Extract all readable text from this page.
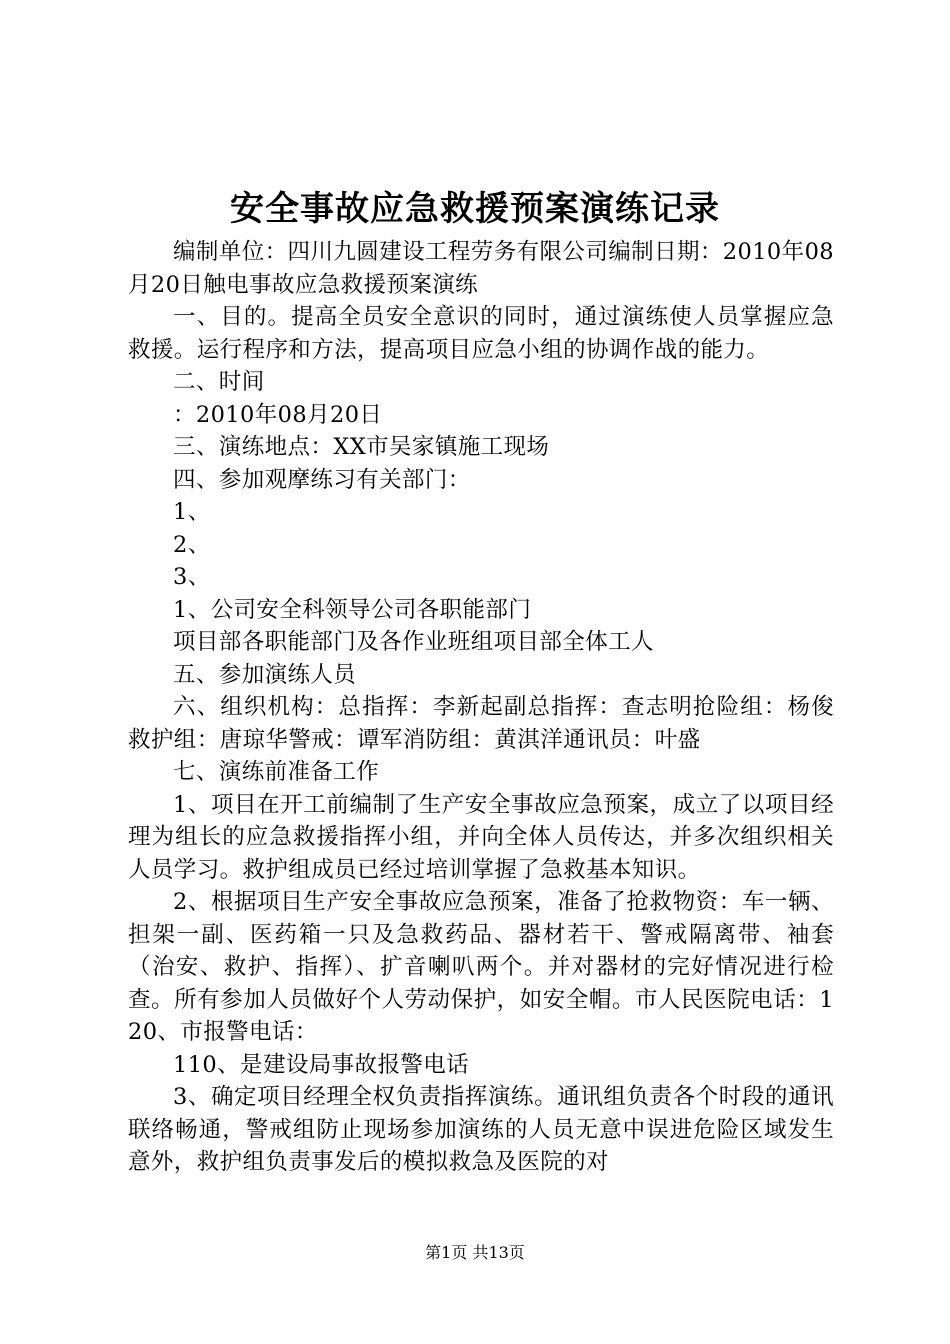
安全事故应急救援预案演练记录

编制单位：四川九圆建设工程劳务有限公司编制日期：2010年08月20日触电事故应急救援预案演练

一、目的。提高全员安全意识的同时，通过演练使人员掌握应急救援。运行程序和方法，提高项目应急小组的协调作战的能力。

二、时间

：2010年08月20日

三、演练地点：XX市吴家镇施工现场

四、参加观摩练习有关部门：

1、

2、

3、

1、公司安全科领导公司各职能部门

项目部各职能部门及各作业班组项目部全体工人

五、参加演练人员

六、组织机构：总指挥：李新起副总指挥：查志明抢险组：杨俊救护组：唐琼华警戒：谭军消防组：黄淇洋通讯员：叶盛

七、演练前准备工作

1、项目在开工前编制了生产安全事故应急预案，成立了以项目经理为组长的应急救援指挥小组，并向全体人员传达，并多次组织相关人员学习。救护组成员已经过培训掌握了急救基本知识。

2、根据项目生产安全事故应急预案，准备了抢救物资：车一辆、担架一副、医药箱一只及急救药品、器材若干、警戒隔离带、袖套（治安、救护、指挥）、扩音喇叭两个。并对器材的完好情况进行检查。所有参加人员做好个人劳动保护，如安全帽。市人民医院电话：120、市报警电话：

110、是建设局事故报警电话

3、确定项目经理全权负责指挥演练。通讯组负责各个时段的通讯联络畅通，警戒组防止现场参加演练的人员无意中误进危险区域发生意外，救护组负责事发后的模拟救急及医院的对

第1页 共13页
